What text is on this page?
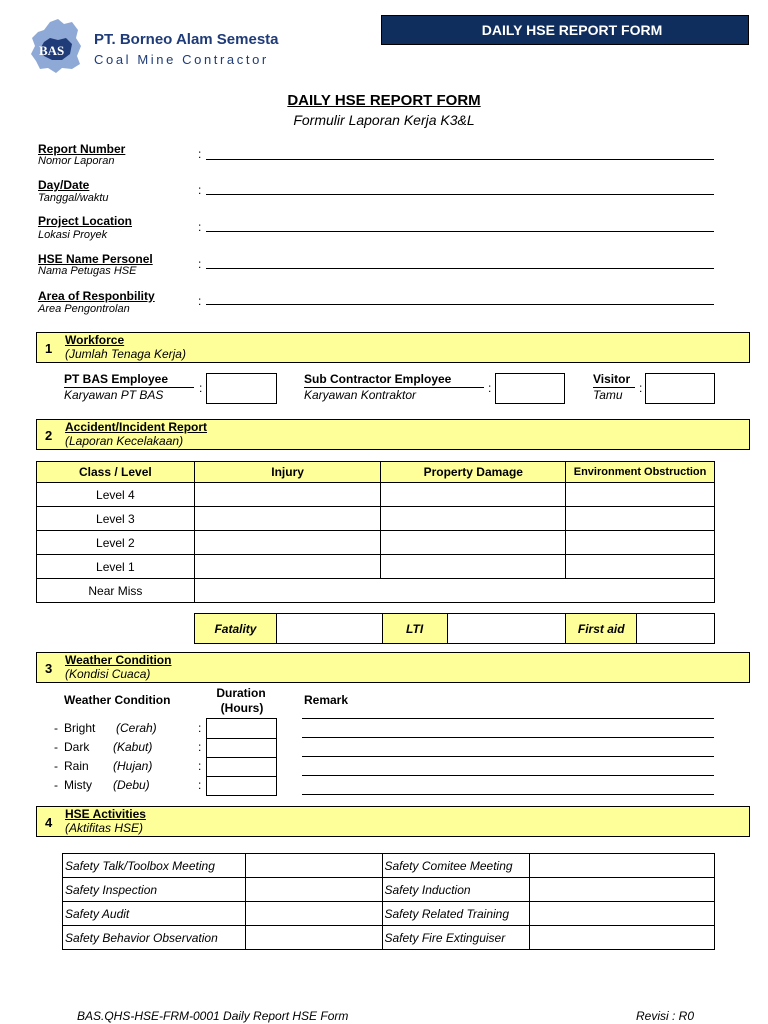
BAS
PT. Borneo Alam Semesta
Coal Mine Contractor
DAILY HSE REPORT FORM
DAILY HSE REPORT FORM
Formulir Laporan Kerja K3&L
Report Number
Nomor Laporan	:
Day/Date
Tanggal/waktu
:
Project Location
Lokasi Proyek
:
HSE Name Personel
Nama Petugas HSE	:
Area of Responbility
Area Pengontrolan
:
1
Workforce
(Jumlah Tenaga Kerja)
PT BAS Employee
Karyawan PT BAS	:
Sub Contractor Employee
Karyawan Kontraktor	:
Visitor
Tamu	:
2
Accident/Incident Report
(Laporan Kecelakaan)
Class / Level	Injury	Property Damage	Environment Obstruction
Level 4			
Level 3			
Level 2			
Level 1			
Near Miss			
Fatality		LTI		First aid	
3
Weather Condition
(Kondisi Cuaca)
Weather Condition	Duration
(Hours)
Remark
- Bright (Cerah)	:
- Dark (Kabut)	:
- Rain (Hujan)	:
- Misty (Debu)	:
4
HSE Activities
(Aktifitas HSE)
Safety Talk/Toolbox Meeting		Safety Comitee Meeting	
Safety Inspection		Safety Induction	
Safety Audit		Safety Related Training	
Safety Behavior Observation		Safety Fire Extinguiser	
BAS.QHS-HSE-FRM-0001 Daily Report HSE Form	Revisi : R0
